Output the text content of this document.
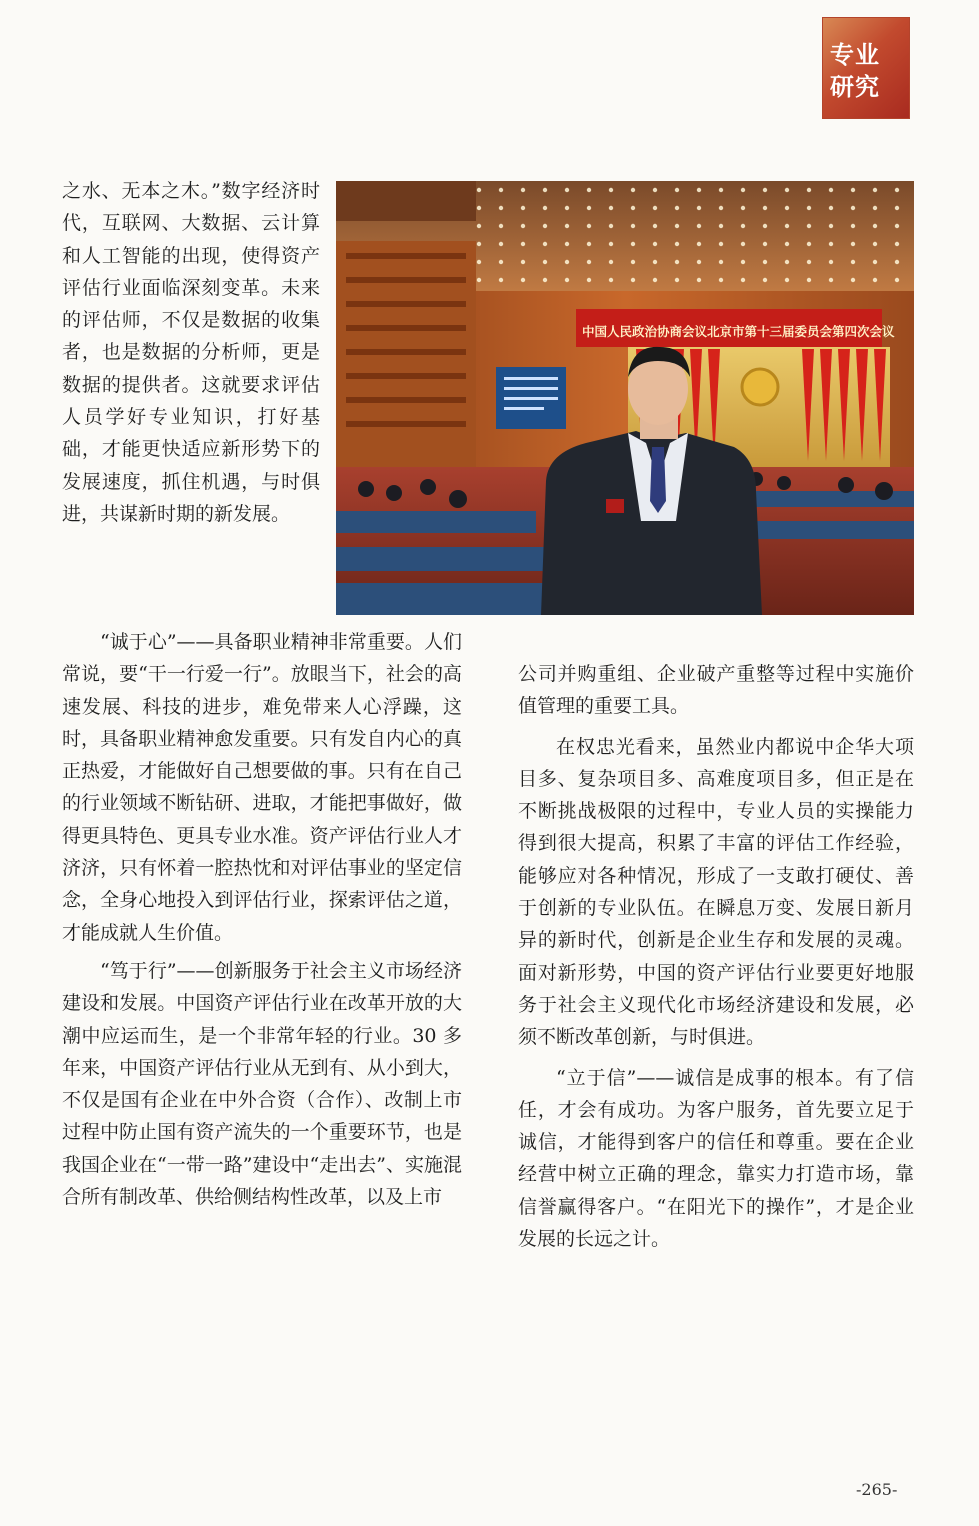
专业
研究
中国人民政治协商会议北京市第十三届委员会第四次会议

之水、无本之木。”数字经济时代，互联网、大数据、云计算和人工智能的出现，使得资产评估行业面临深刻变革。未来的评估师，不仅是数据的收集者，也是数据的分析师，更是数据的提供者。这就要求评估人员学好专业知识，打好基础，才能更快适应新形势下的发展速度，抓住机遇，与时俱进，共谋新时期的新发展。

“诚于心”——具备职业精神非常重要。人们常说，要“干一行爱一行”。放眼当下，社会的高速发展、科技的进步，难免带来人心浮躁，这时，具备职业精神愈发重要。只有发自内心的真正热爱，才能做好自己想要做的事。只有在自己的行业领域不断钻研、进取，才能把事做好，做得更具特色、更具专业水准。资产评估行业人才济济，只有怀着一腔热忱和对评估事业的坚定信念，全身心地投入到评估行业，探索评估之道，才能成就人生价值。

“笃于行”——创新服务于社会主义市场经济建设和发展。中国资产评估行业在改革开放的大潮中应运而生，是一个非常年轻的行业。30 多年来，中国资产评估行业从无到有、从小到大，不仅是国有企业在中外合资（合作）、改制上市过程中防止国有资产流失的一个重要环节，也是我国企业在“一带一路”建设中“走出去”、实施混合所有制改革、供给侧结构性改革，以及上市

公司并购重组、企业破产重整等过程中实施价值管理的重要工具。

在权忠光看来，虽然业内都说中企华大项目多、复杂项目多、高难度项目多，但正是在不断挑战极限的过程中，专业人员的实操能力得到很大提高，积累了丰富的评估工作经验，能够应对各种情况，形成了一支敢打硬仗、善于创新的专业队伍。在瞬息万变、发展日新月异的新时代，创新是企业生存和发展的灵魂。面对新形势，中国的资产评估行业要更好地服务于社会主义现代化市场经济建设和发展，必须不断改革创新，与时俱进。

“立于信”——诚信是成事的根本。有了信任，才会有成功。为客户服务，首先要立足于诚信，才能得到客户的信任和尊重。要在企业经营中树立正确的理念，靠实力打造市场，靠信誉赢得客户。“在阳光下的操作”，才是企业发展的长远之计。

-265-
